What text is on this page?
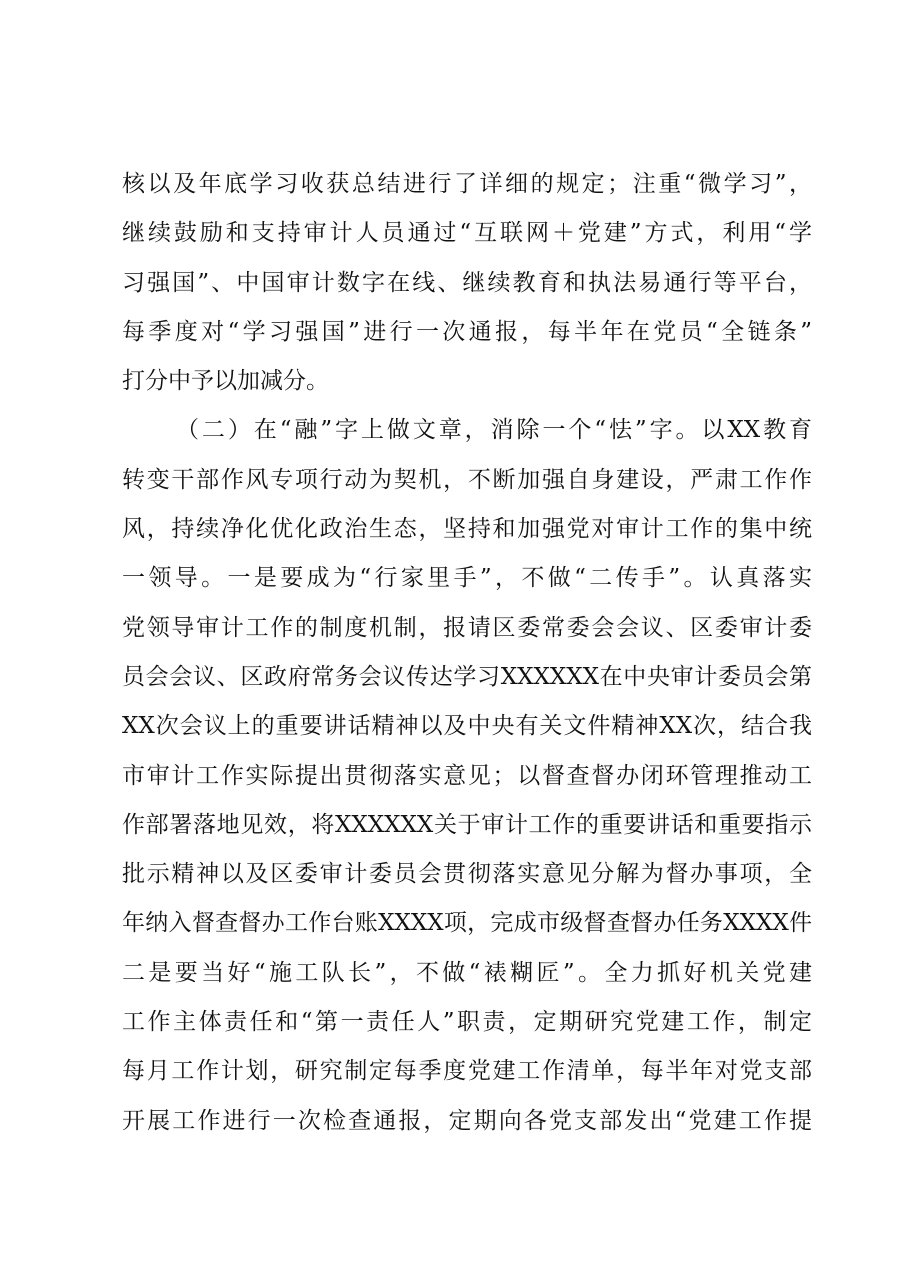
核以及年底学习收获总结进行了详细的规定；注重“微学习”，
继续鼓励和支持审计人员通过“互联网＋党建”方式，利用“学
习强国”、中国审计数字在线、继续教育和执法易通行等平台，
每季度对“学习强国”进行一次通报，每半年在党员“全链条”
打分中予以加减分。
（二）在“融”字上做文章，消除一个“怯”字。以XX教育
转变干部作风专项行动为契机，不断加强自身建设，严肃工作作
风，持续净化优化政治生态，坚持和加强党对审计工作的集中统
一领导。一是要成为“行家里手”，不做“二传手”。认真落实
党领导审计工作的制度机制，报请区委常委会会议、区委审计委
员会会议、区政府常务会议传达学习XXXXXX在中央审计委员会第
XX次会议上的重要讲话精神以及中央有关文件精神XX次，结合我
市审计工作实际提出贯彻落实意见；以督查督办闭环管理推动工
作部署落地见效，将XXXXXX关于审计工作的重要讲话和重要指示
批示精神以及区委审计委员会贯彻落实意见分解为督办事项，全
年纳入督查督办工作台账XXXX项，完成市级督查督办任务XXXX件
二是要当好“施工队长”，不做“裱糊匠”。全力抓好机关党建
工作主体责任和“第一责任人”职责，定期研究党建工作，制定
每月工作计划，研究制定每季度党建工作清单，每半年对党支部
开展工作进行一次检查通报，定期向各党支部发出“党建工作提
